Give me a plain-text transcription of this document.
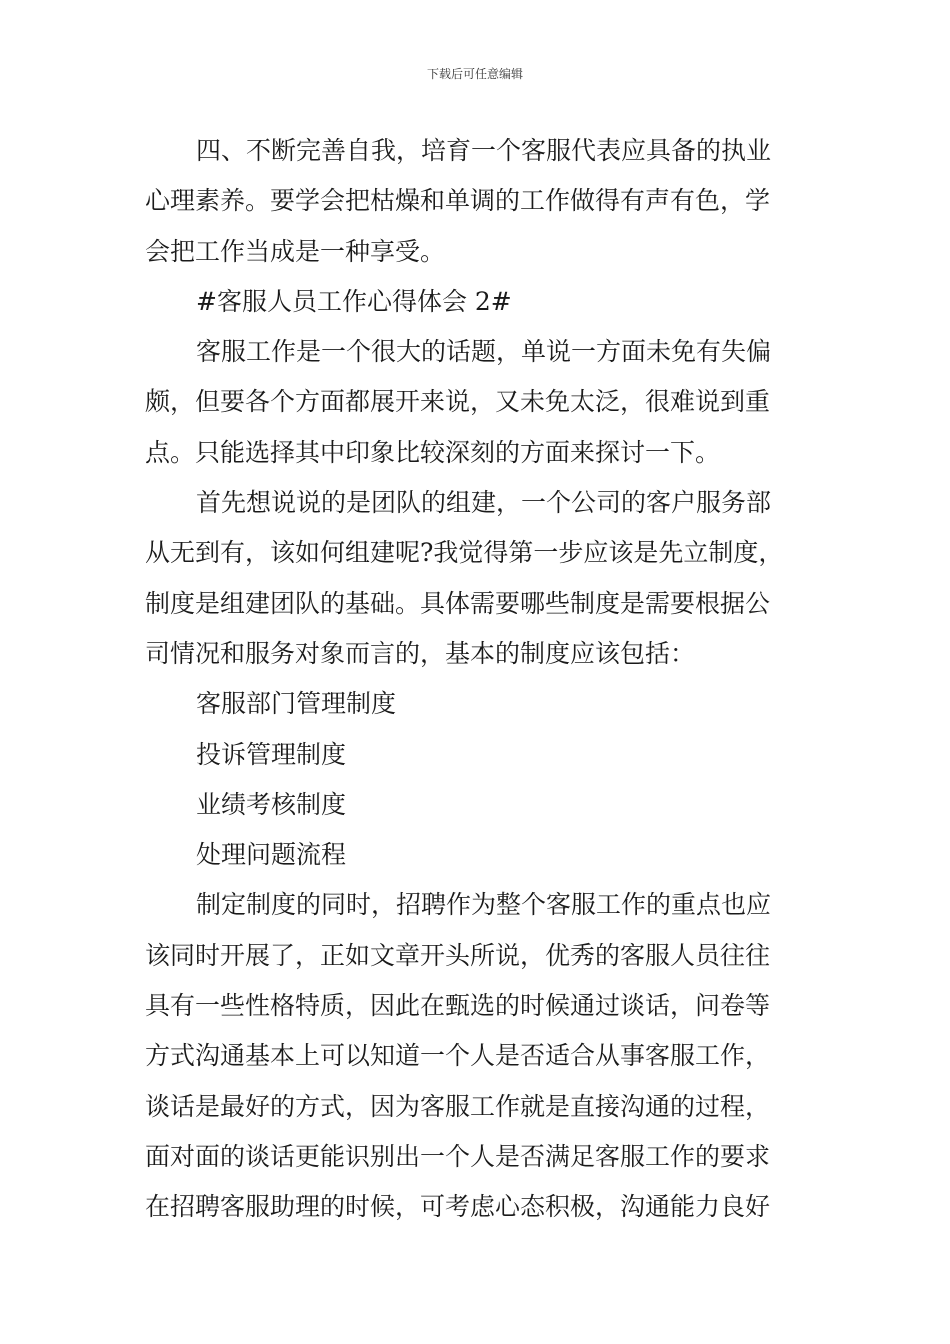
下载后可任意编辑
四、不断完善自我，培育一个客服代表应具备的执业
心理素养。要学会把枯燥和单调的工作做得有声有色，学
会把工作当成是一种享受。
#客服人员工作心得体会 2#
客服工作是一个很大的话题，单说一方面未免有失偏
颇，但要各个方面都展开来说，又未免太泛，很难说到重
点。只能选择其中印象比较深刻的方面来探讨一下。
首先想说说的是团队的组建，一个公司的客户服务部
从无到有，该如何组建呢?我觉得第一步应该是先立制度，
制度是组建团队的基础。具体需要哪些制度是需要根据公
司情况和服务对象而言的，基本的制度应该包括：
客服部门管理制度
投诉管理制度
业绩考核制度
处理问题流程
制定制度的同时，招聘作为整个客服工作的重点也应
该同时开展了，正如文章开头所说，优秀的客服人员往往
具有一些性格特质，因此在甄选的时候通过谈话，问卷等
方式沟通基本上可以知道一个人是否适合从事客服工作，
谈话是最好的方式，因为客服工作就是直接沟通的过程，
面对面的谈话更能识别出一个人是否满足客服工作的要求
在招聘客服助理的时候，可考虑心态积极，沟通能力良好
